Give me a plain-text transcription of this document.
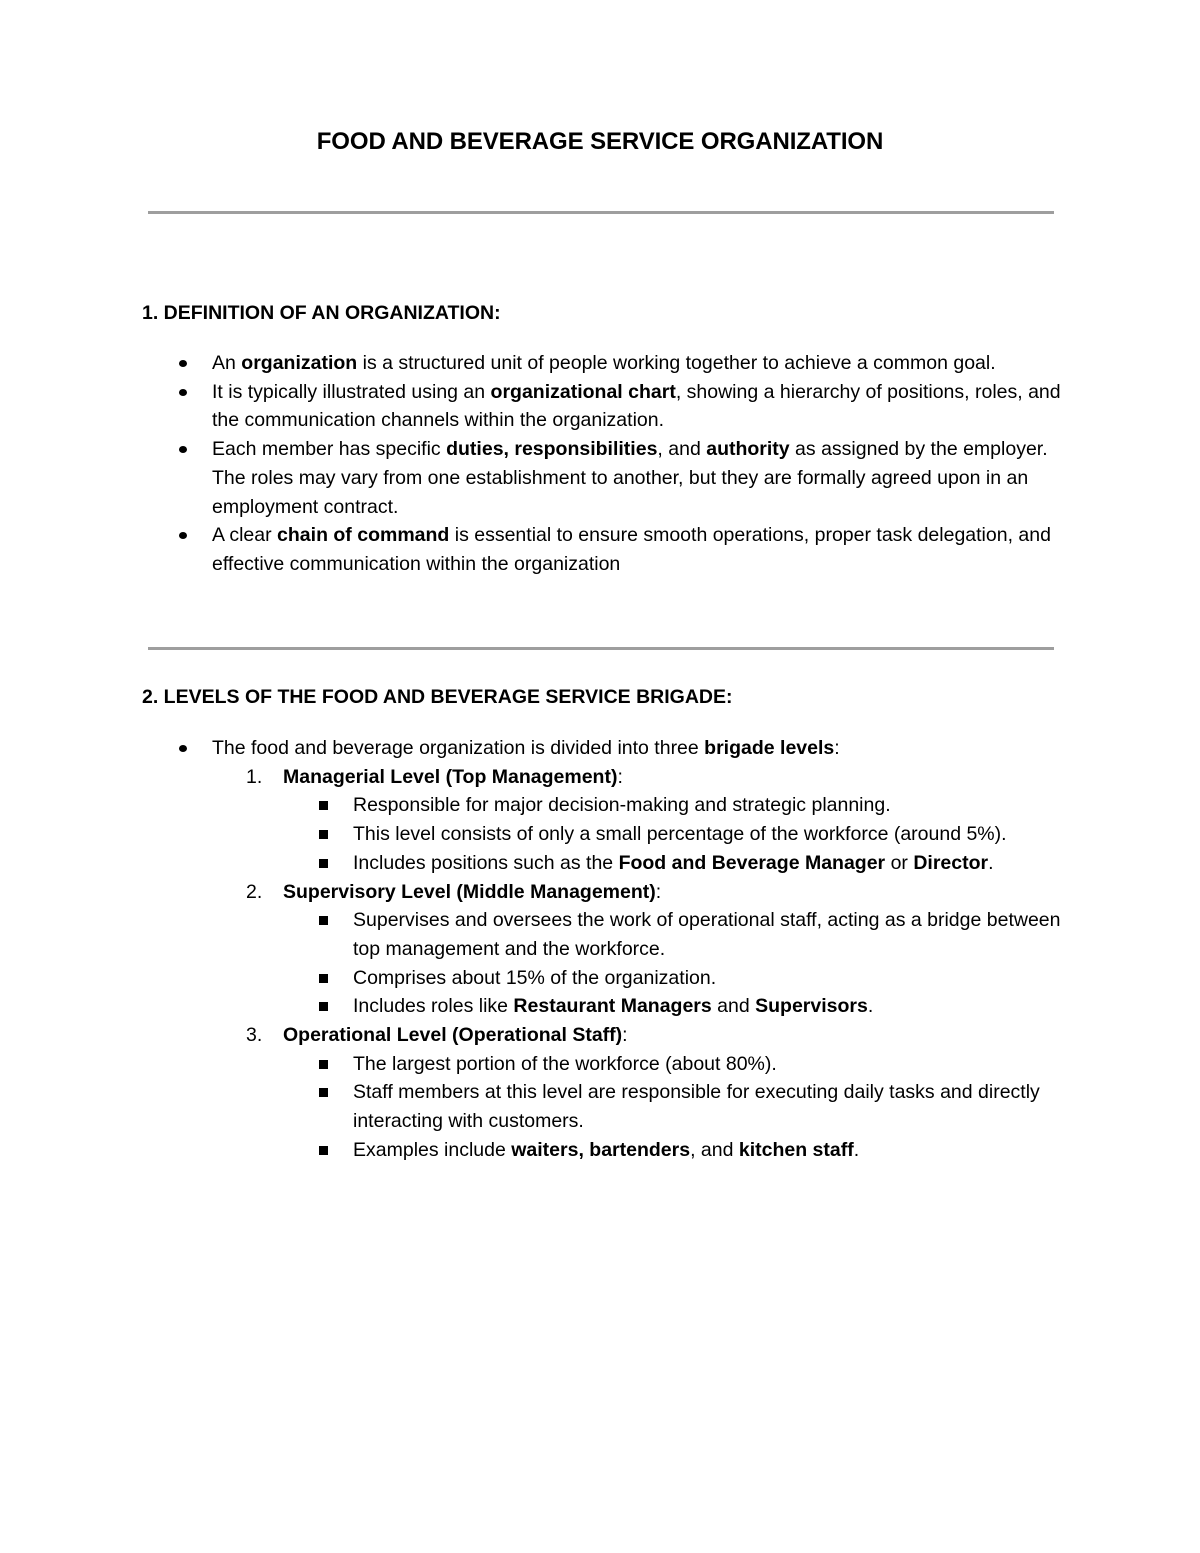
FOOD AND BEVERAGE SERVICE ORGANIZATION
1. DEFINITION OF AN ORGANIZATION:
An organization is a structured unit of people working together to achieve a common goal.
It is typically illustrated using an organizational chart, showing a hierarchy of positions, roles, and the communication channels within the organization.
Each member has specific duties, responsibilities, and authority as assigned by the employer. The roles may vary from one establishment to another, but they are formally agreed upon in an employment contract.
A clear chain of command is essential to ensure smooth operations, proper task delegation, and effective communication within the organization
2. LEVELS OF THE FOOD AND BEVERAGE SERVICE BRIGADE:
The food and beverage organization is divided into three brigade levels:
1.	Managerial Level (Top Management):
Responsible for major decision-making and strategic planning.
This level consists of only a small percentage of the workforce (around 5%).
Includes positions such as the Food and Beverage Manager or Director.
2.	Supervisory Level (Middle Management):
Supervises and oversees the work of operational staff, acting as a bridge between top management and the workforce.
Comprises about 15% of the organization.
Includes roles like Restaurant Managers and Supervisors.
3.	Operational Level (Operational Staff):
The largest portion of the workforce (about 80%).
Staff members at this level are responsible for executing daily tasks and directly interacting with customers.
Examples include waiters, bartenders, and kitchen staff.
